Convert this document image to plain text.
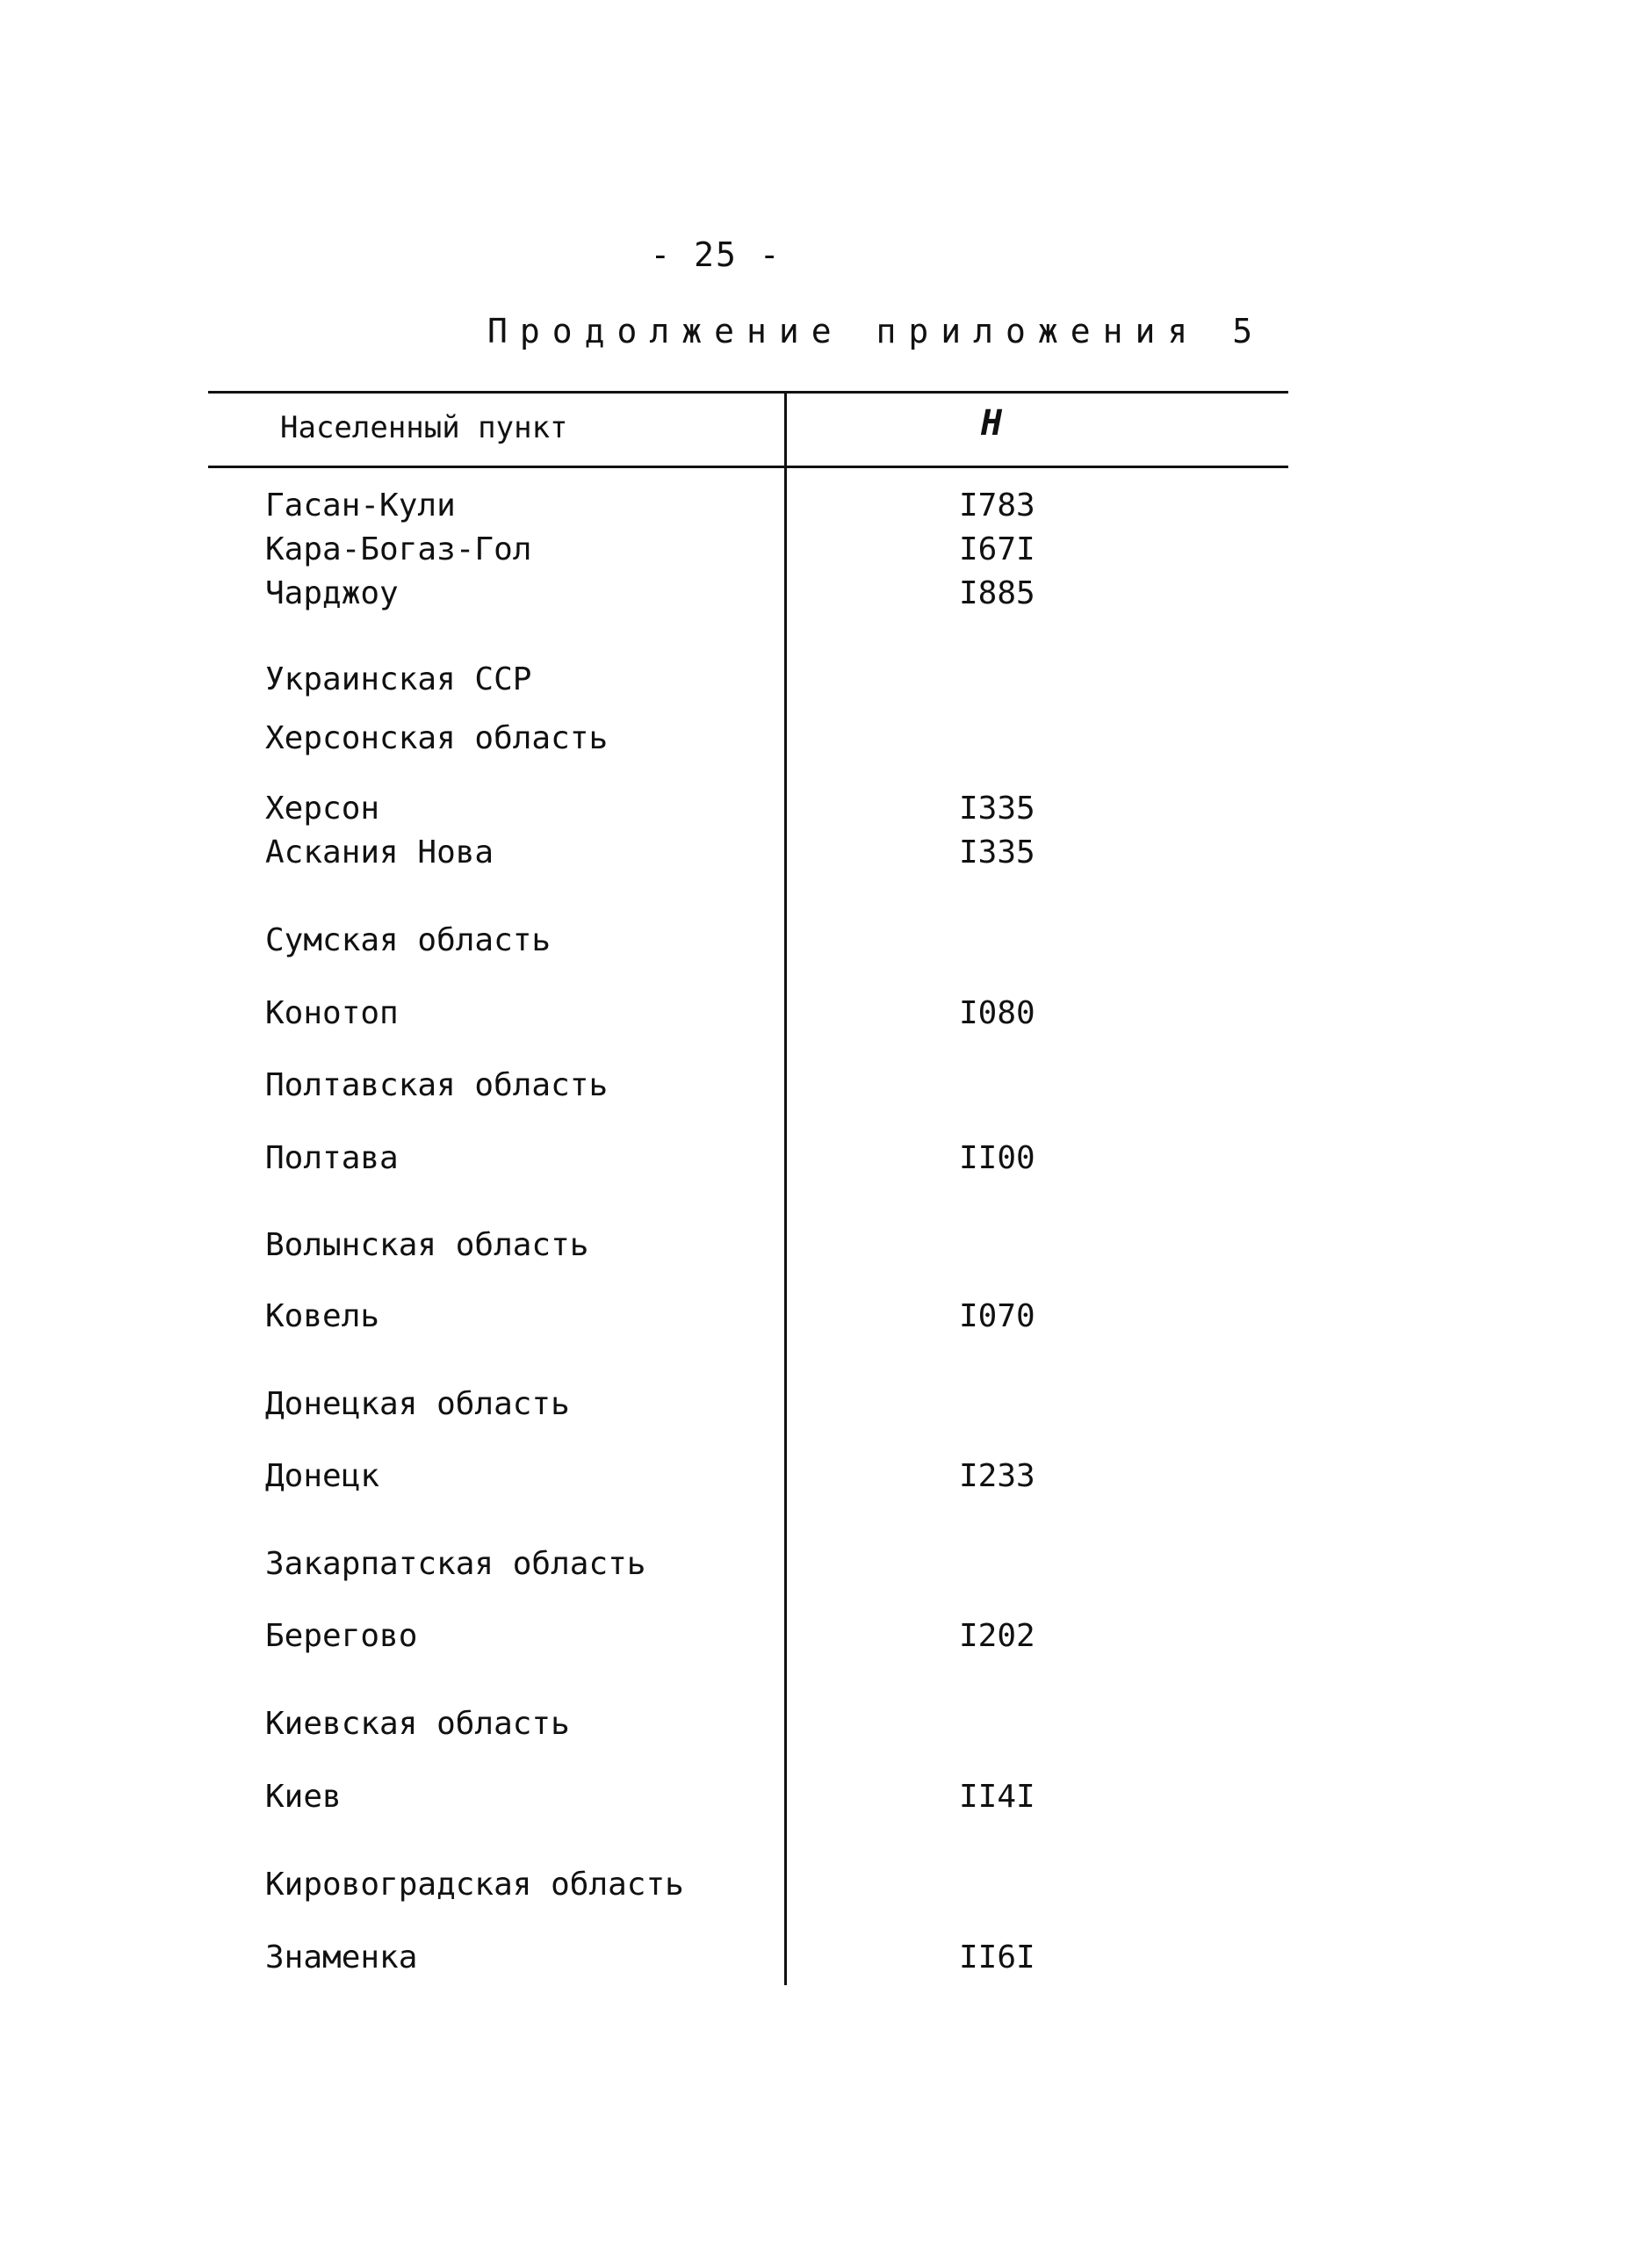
- 25 -
Продолжение приложения 5
Населенный пункт	Н
Гасан-Кули	I783
Кара-Богаз-Гол	I67I
Чарджоу	I885
Украинская ССР
Херсонская область
Херсон	I335
Аскания Нова	I335
Сумская область
Конотоп	I080
Полтавская область
Полтава	II00
Волынская область
Ковель	I070
Донецкая область
Донецк	I233
Закарпатская область
Берегово	I202
Киевская область
Киев	II4I
Кировоградская область
Знаменка	II6I
